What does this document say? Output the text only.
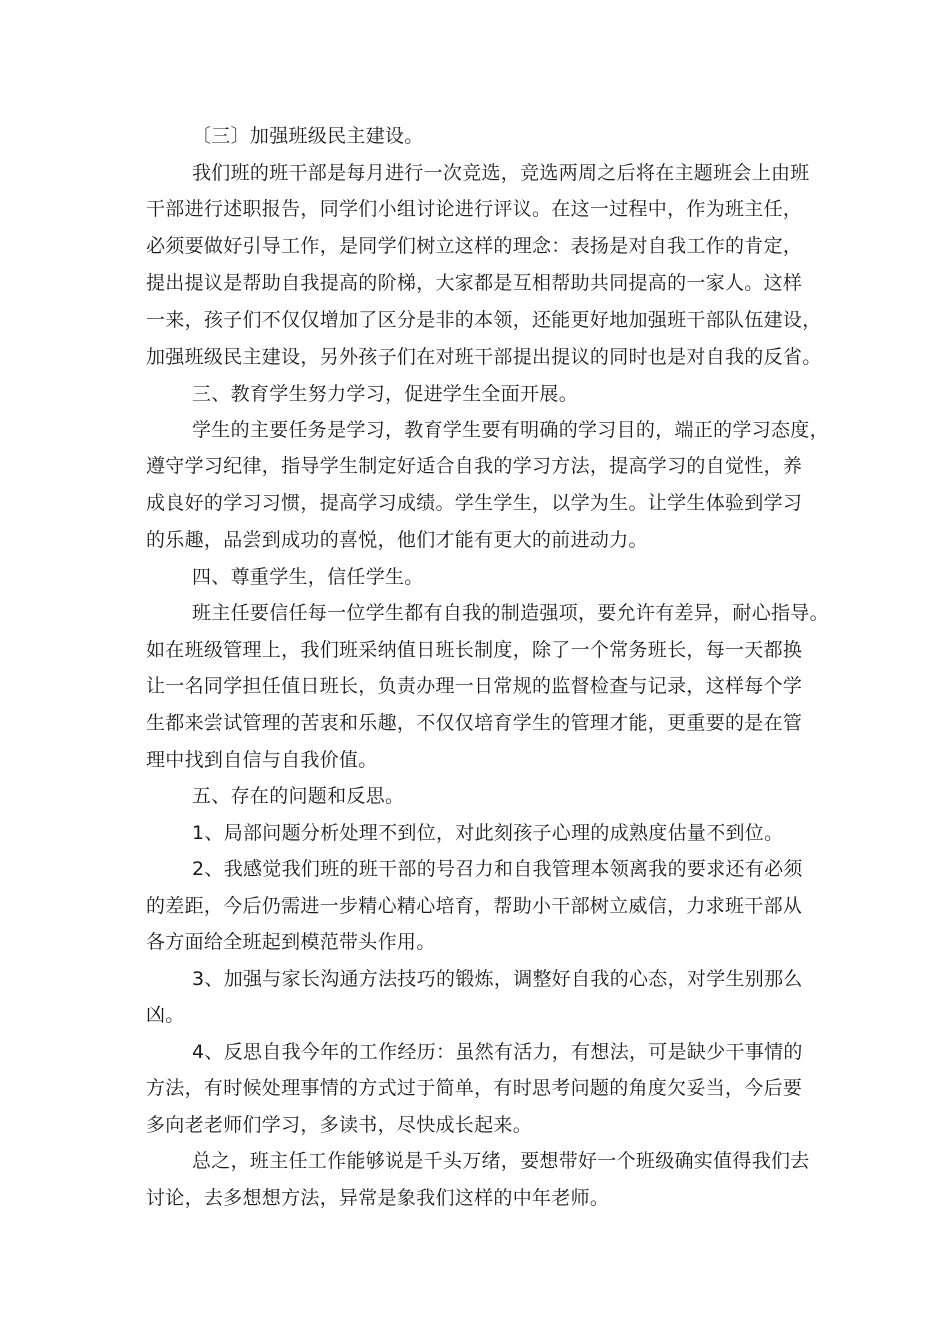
〔三〕加强班级民主建设。
我们班的班干部是每月进行一次竞选，竞选两周之后将在主题班会上由班
干部进行述职报告，同学们小组讨论进行评议。在这一过程中，作为班主任，
必须要做好引导工作，是同学们树立这样的理念：表扬是对自我工作的肯定，
提出提议是帮助自我提高的阶梯，大家都是互相帮助共同提高的一家人。这样
一来，孩子们不仅仅增加了区分是非的本领，还能更好地加强班干部队伍建设，
加强班级民主建设，另外孩子们在对班干部提出提议的同时也是对自我的反省。
三、教育学生努力学习，促进学生全面开展。
学生的主要任务是学习，教育学生要有明确的学习目的，端正的学习态度，
遵守学习纪律，指导学生制定好适合自我的学习方法，提高学习的自觉性，养
成良好的学习习惯，提高学习成绩。学生学生，以学为生。让学生体验到学习
的乐趣，品尝到成功的喜悦，他们才能有更大的前进动力。
四、尊重学生，信任学生。
班主任要信任每一位学生都有自我的制造强项，要允许有差异，耐心指导。
如在班级管理上，我们班采纳值日班长制度，除了一个常务班长，每一天都换
让一名同学担任值日班长，负责办理一日常规的监督检查与记录，这样每个学
生都来尝试管理的苦衷和乐趣，不仅仅培育学生的管理才能，更重要的是在管
理中找到自信与自我价值。
五、存在的问题和反思。
1、局部问题分析处理不到位，对此刻孩子心理的成熟度估量不到位。
2、我感觉我们班的班干部的号召力和自我管理本领离我的要求还有必须
的差距，今后仍需进一步精心精心培育，帮助小干部树立威信，力求班干部从
各方面给全班起到模范带头作用。
3、加强与家长沟通方法技巧的锻炼，调整好自我的心态，对学生别那么
凶。
4、反思自我今年的工作经历：虽然有活力，有想法，可是缺少干事情的
方法，有时候处理事情的方式过于简单，有时思考问题的角度欠妥当，今后要
多向老老师们学习，多读书，尽快成长起来。
总之，班主任工作能够说是千头万绪，要想带好一个班级确实值得我们去
讨论，去多想想方法，异常是象我们这样的中年老师。
